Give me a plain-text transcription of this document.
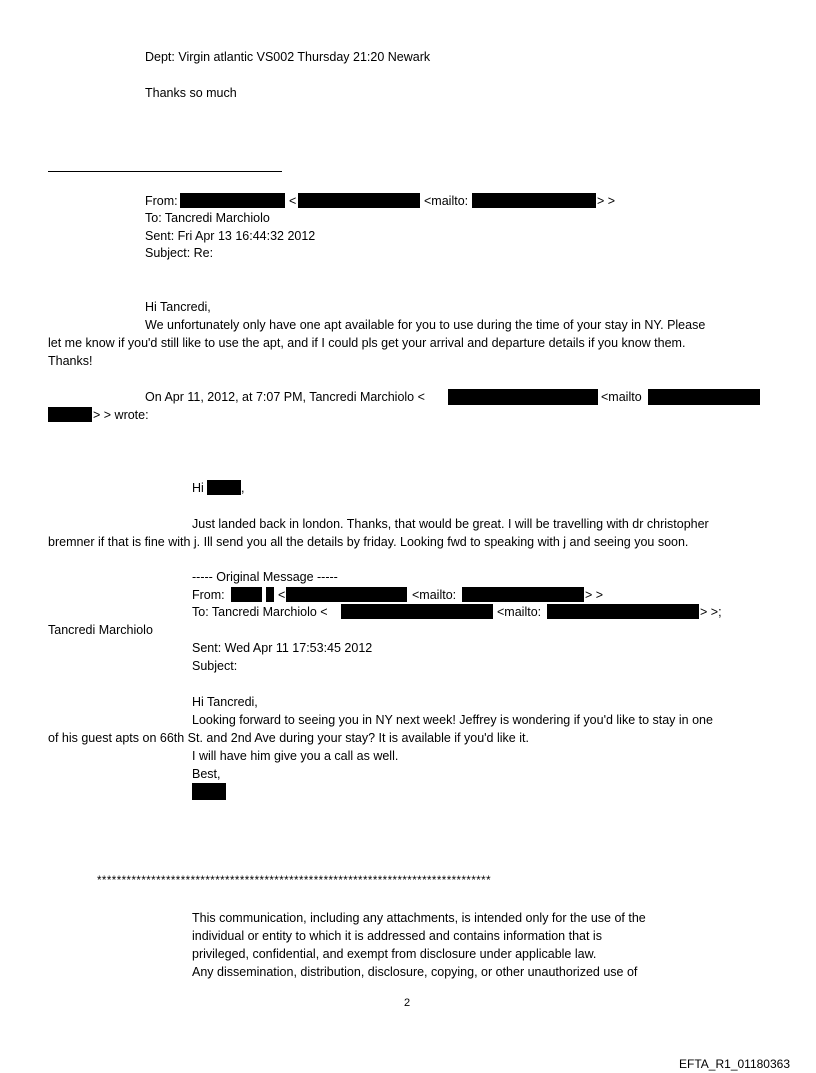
Dept: Virgin atlantic VS002 Thursday 21:20 Newark
Thanks so much
From:	<	<mailto:	> >
To: Tancredi Marchiolo
Sent: Fri Apr 13 16:44:32 2012
Subject: Re:
Hi Tancredi,
We unfortunately only have one apt available for you to use during the time of your stay in NY. Please
let me know if you'd still like to use the apt, and if I could pls get your arrival and departure details if you know them.
Thanks!
On Apr 11, 2012, at 7:07 PM, Tancredi Marchiolo <	<mailto
> > wrote:
Hi	,
Just landed back in london. Thanks, that would be great. I will be travelling with dr christopher
bremner if that is fine with j. Ill send you all the details by friday. Looking fwd to speaking with j and seeing you soon.
----- Original Message -----
From:	<	<mailto:	> >
To: Tancredi Marchiolo <	<mailto:	> >;
Tancredi Marchiolo
Sent: Wed Apr 11 17:53:45 2012
Subject:
Hi Tancredi,
Looking forward to seeing you in NY next week! Jeffrey is wondering if you'd like to stay in one
of his guest apts on 66th St. and 2nd Ave during your stay? It is available if you'd like it.
I will have him give you a call as well.
Best,
********************************************************************************
This communication, including any attachments, is intended only for the use of the
individual or entity to which it is addressed and contains information that is
privileged, confidential, and exempt from disclosure under applicable law.
Any dissemination, distribution, disclosure, copying, or other unauthorized use of
2
EFTA_R1_01180363
